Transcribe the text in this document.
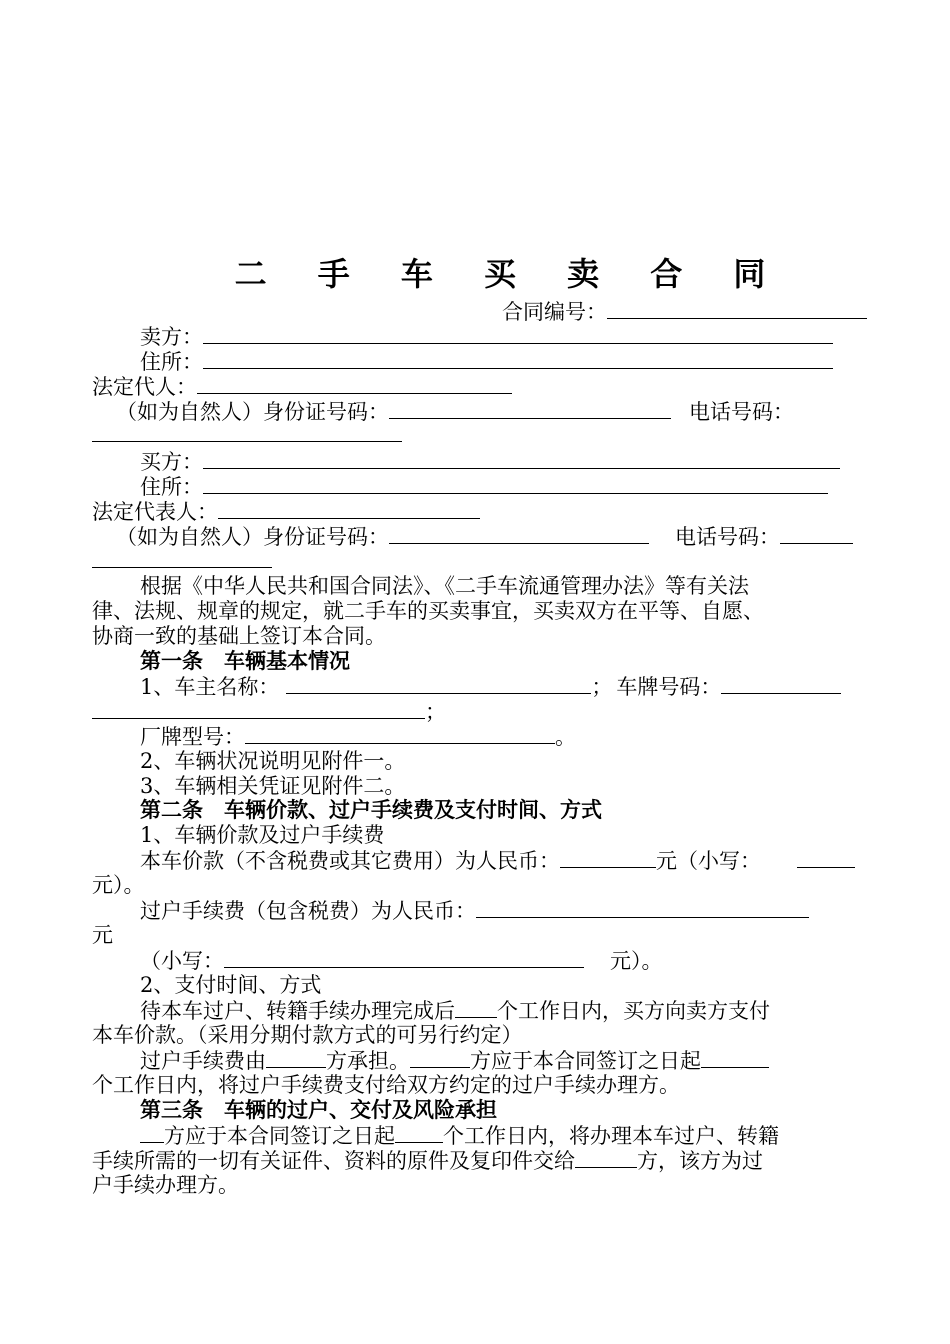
二 手 车 买 卖 合 同
合同编号：
卖方：
住所：
法定代人：
（如为自然人）身份证号码：	电话号码：
买方：
住所：
法定代表人：
（如为自然人）身份证号码：	电话号码：
根据《中华人民共和国合同法》、《二手车流通管理办法》等有关法
律、法规、规章的规定，就二手车的买卖事宜，买卖双方在平等、自愿、
协商一致的基础上签订本合同。
第一条　车辆基本情况
1、车主名称：	； 车牌号码：
；
厂牌型号：	。
2、车辆状况说明见附件一。
3、车辆相关凭证见附件二。
第二条　车辆价款、过户手续费及支付时间、方式
1、车辆价款及过户手续费
本车价款（不含税费或其它费用）为人民币：	元（小写：
元）。
过户手续费（包含税费）为人民币：
元
（小写：	元）。
2、支付时间、方式
待本车过户、转籍手续办理完成后 个工作日内，买方向卖方支付
本车价款。（采用分期付款方式的可另行约定）
过户手续费由	方承担。	方应于本合同签订之日起
个工作日内，将过户手续费支付给双方约定的过户手续办理方。
第三条　车辆的过户、交付及风险承担
方应于本合同签订之日起 个工作日内，将办理本车过户、转籍
手续所需的一切有关证件、资料的原件及复印件交给	方，该方为过
户手续办理方。
